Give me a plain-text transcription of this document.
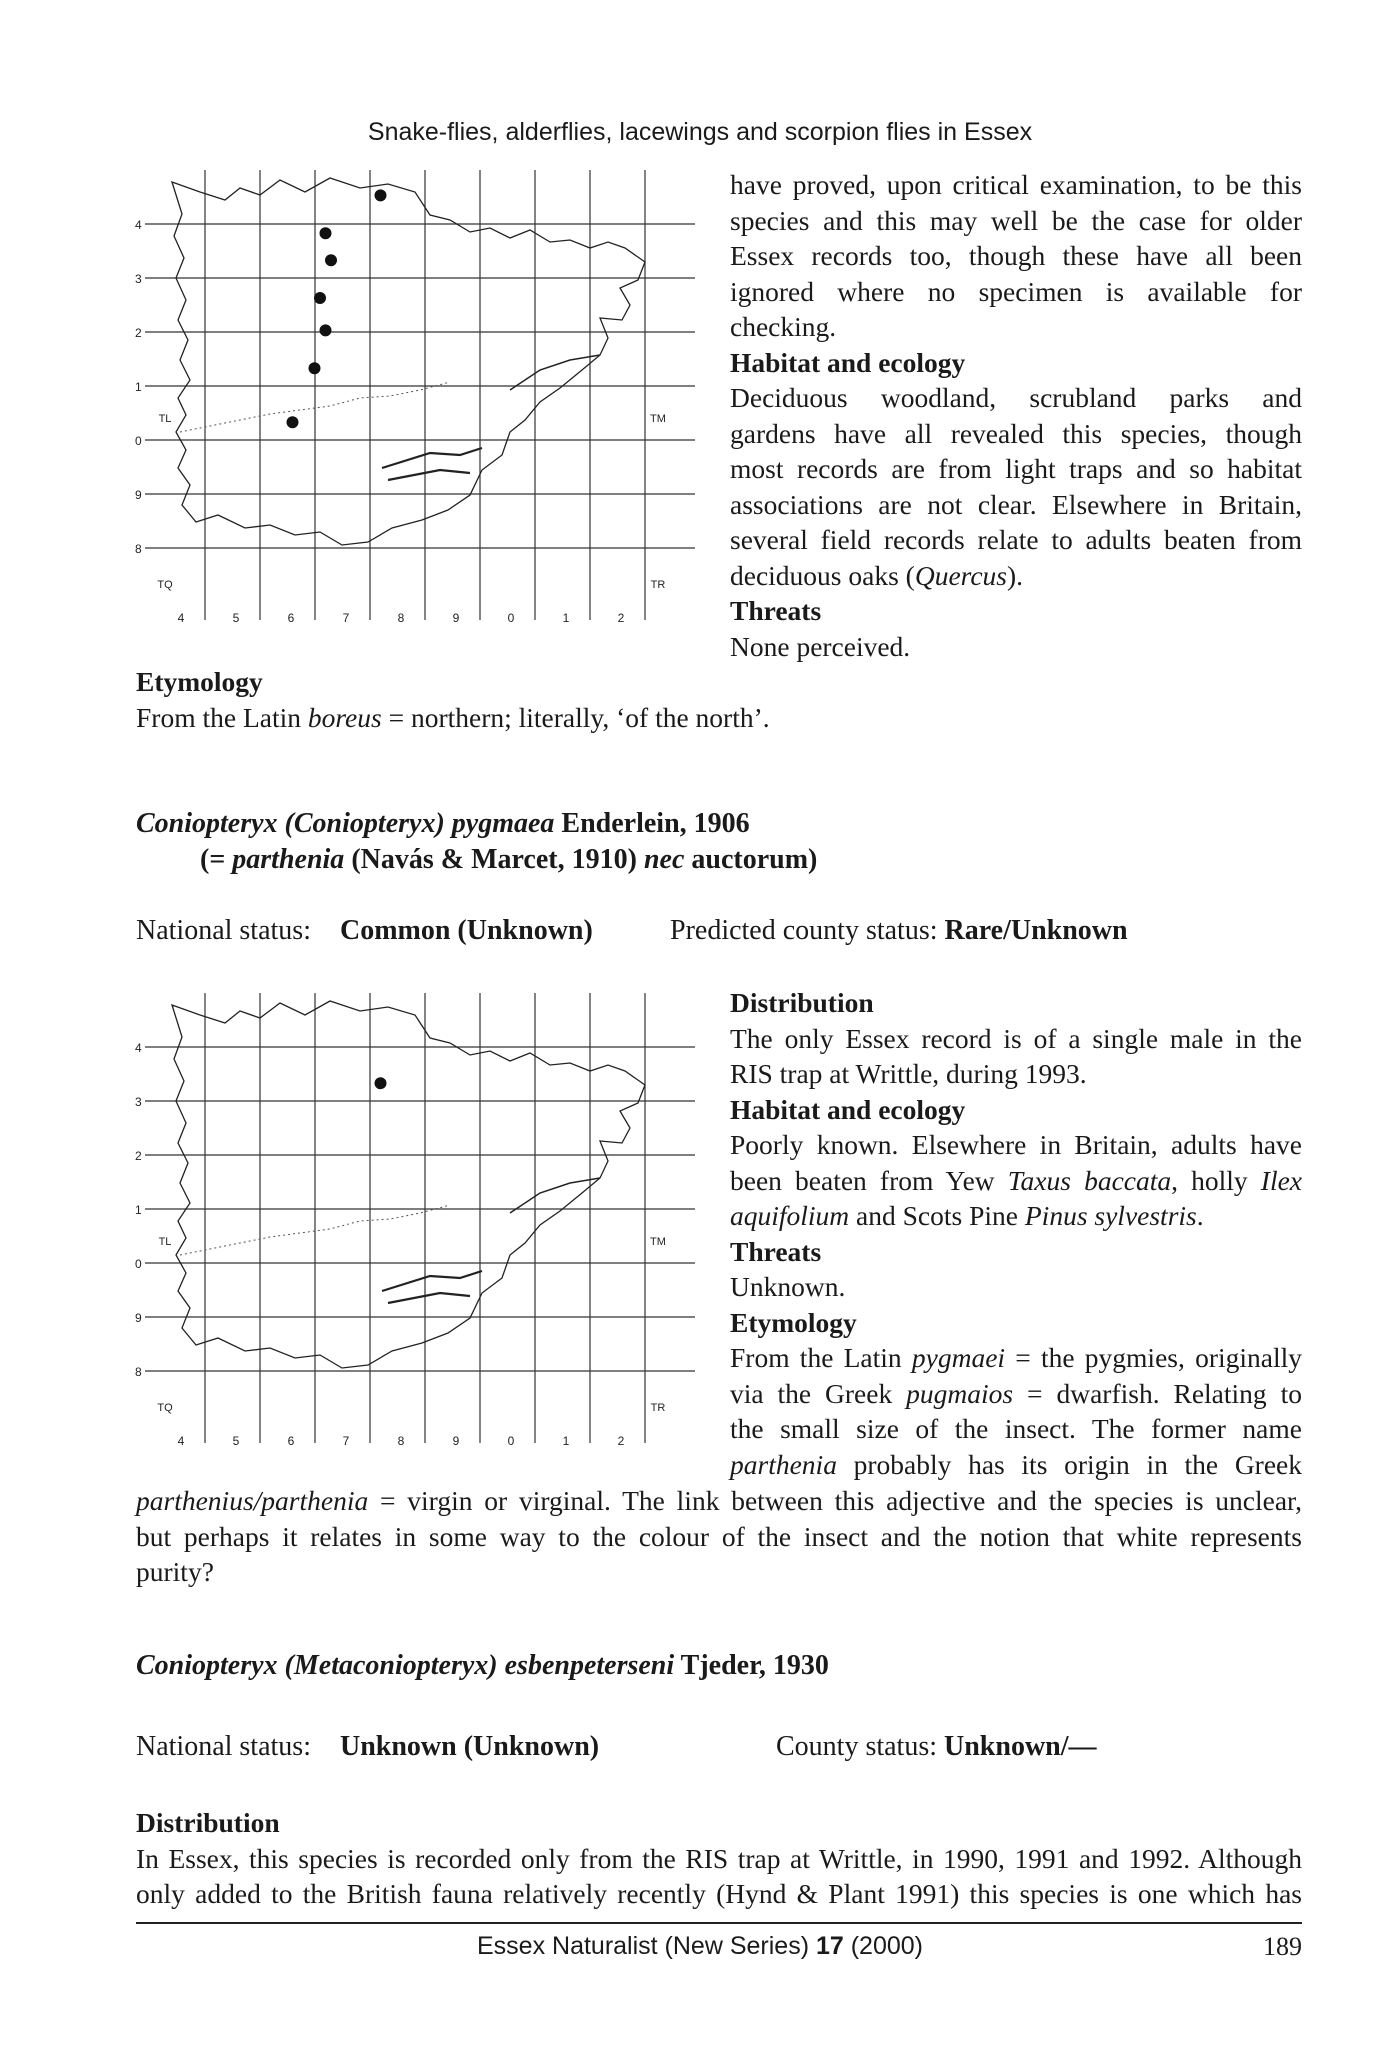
Snake-flies, alderflies, lacewings and scorpion flies in Essex
4
3
2
1
0
9
8
4	5	6	7	8	9	0	1	2
TL	TM
TQ	TR
have proved, upon critical examination, to be this
species and this may well be the case for older
Essex records too, though these have all been
ignored where no specimen is available for
checking.
Habitat and ecology
Deciduous woodland, scrubland parks and
gardens have all revealed this species, though
most records are from light traps and so habitat
associations are not clear. Elsewhere in Britain,
several field records relate to adults beaten from
deciduous oaks (Quercus).
Threats
None perceived.
Etymology
From the Latin boreus = northern; literally, ‘of the north’.
Coniopteryx (Coniopteryx) pygmaea Enderlein, 1906
(= parthenia (Navás & Marcet, 1910) nec auctorum)
National status: Common (Unknown)	Predicted county status: Rare/Unknown
4
3
2
1
0
9
8
4	5	6	7	8	9	0	1	2
TL	TM
TQ	TR
Distribution
The only Essex record is of a single male in the
RIS trap at Writtle, during 1993.
Habitat and ecology
Poorly known. Elsewhere in Britain, adults have
been beaten from Yew Taxus baccata, holly Ilex
aquifolium and Scots Pine Pinus sylvestris.
Threats
Unknown.
Etymology
From the Latin pygmaei = the pygmies, originally
via the Greek pugmaios = dwarfish. Relating to
the small size of the insect. The former name
parthenia probably has its origin in the Greek
parthenius/parthenia = virgin or virginal. The link between this adjective and the species is unclear,
but perhaps it relates in some way to the colour of the insect and the notion that white represents
purity?
Coniopteryx (Metaconiopteryx) esbenpeterseni Tjeder, 1930
National status: Unknown (Unknown)	County status: Unknown/—
Distribution
In Essex, this species is recorded only from the RIS trap at Writtle, in 1990, 1991 and 1992. Although
only added to the British fauna relatively recently (Hynd & Plant 1991) this species is one which has
Essex Naturalist (New Series) 17 (2000)	189
